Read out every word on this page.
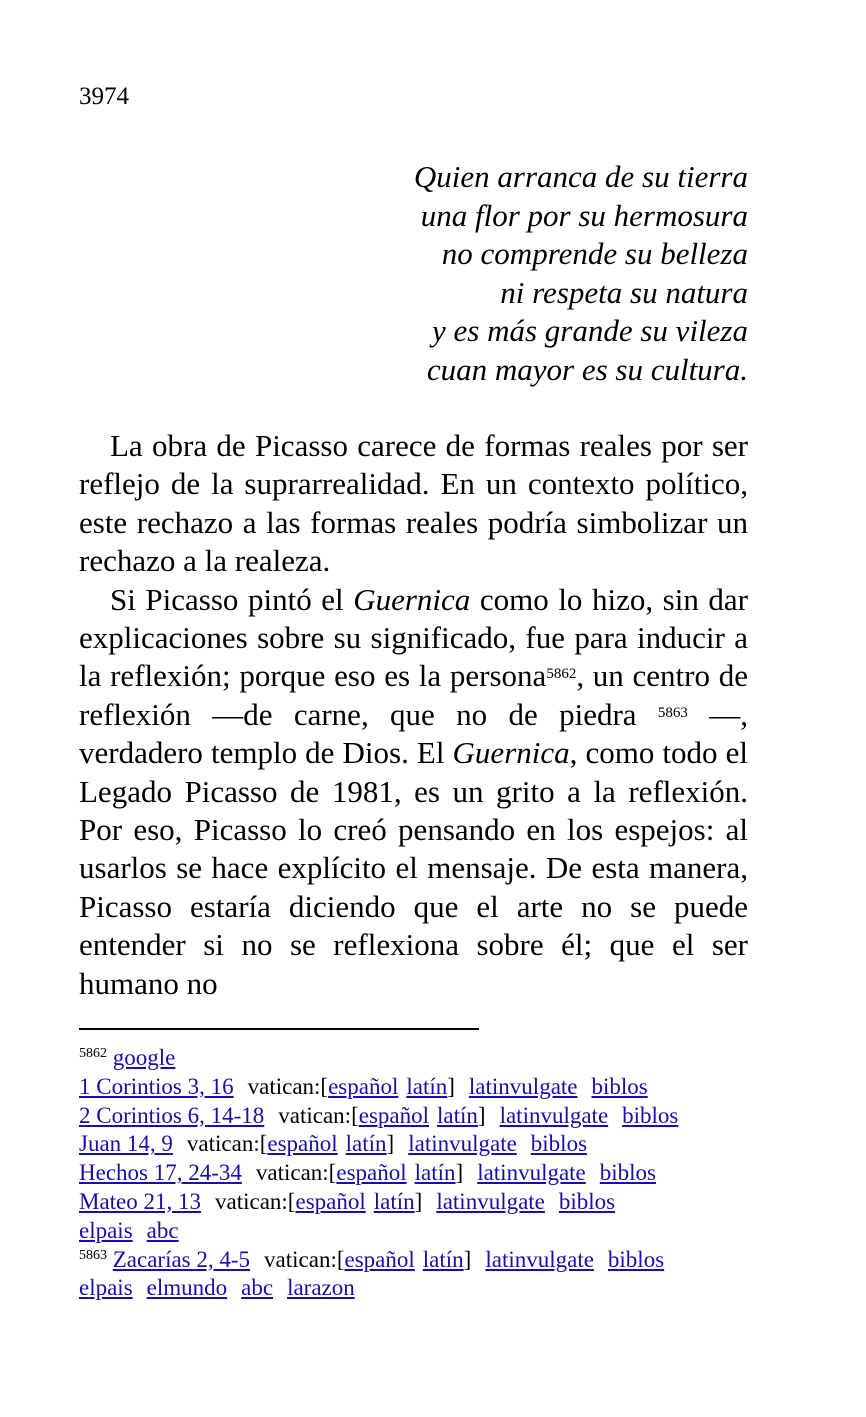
3974
Quien arranca de su tierra
una flor por su hermosura
no comprende su belleza
ni respeta su natura
y es más grande su vileza
cuan mayor es su cultura.

La obra de Picasso carece de formas reales por ser reflejo de la suprarrealidad. En un contexto político, este rechazo a las formas reales podría simbolizar un rechazo a la realeza.

Si Picasso pintó el Guernica como lo hizo, sin dar explicaciones sobre su significado, fue para inducir a la reflexión; porque eso es la persona$^{5862}$, un centro de reflexión —de carne, que no de piedra $^{5863}$ —, verdadero templo de Dios. El Guernica, como todo el Legado Picasso de 1981, es un grito a la reflexión. Por eso, Picasso lo creó pensando en los espejos: al usarlos se hace explícito el mensaje. De esta manera, Picasso estaría diciendo que el arte no se puede entender si no se reflexiona sobre él; que el ser humano no

$^{5862}$ google
1 Corintios 3, 16 vatican:[español latín] latinvulgate biblos
2 Corintios 6, 14-18 vatican:[español latín] latinvulgate biblos
Juan 14, 9 vatican:[español latín] latinvulgate biblos
Hechos 17, 24-34 vatican:[español latín] latinvulgate biblos
Mateo 21, 13 vatican:[español latín] latinvulgate biblos
elpais abc
$^{5863}$ Zacarías 2, 4-5 vatican:[español latín] latinvulgate biblos
elpais elmundo abc larazon
